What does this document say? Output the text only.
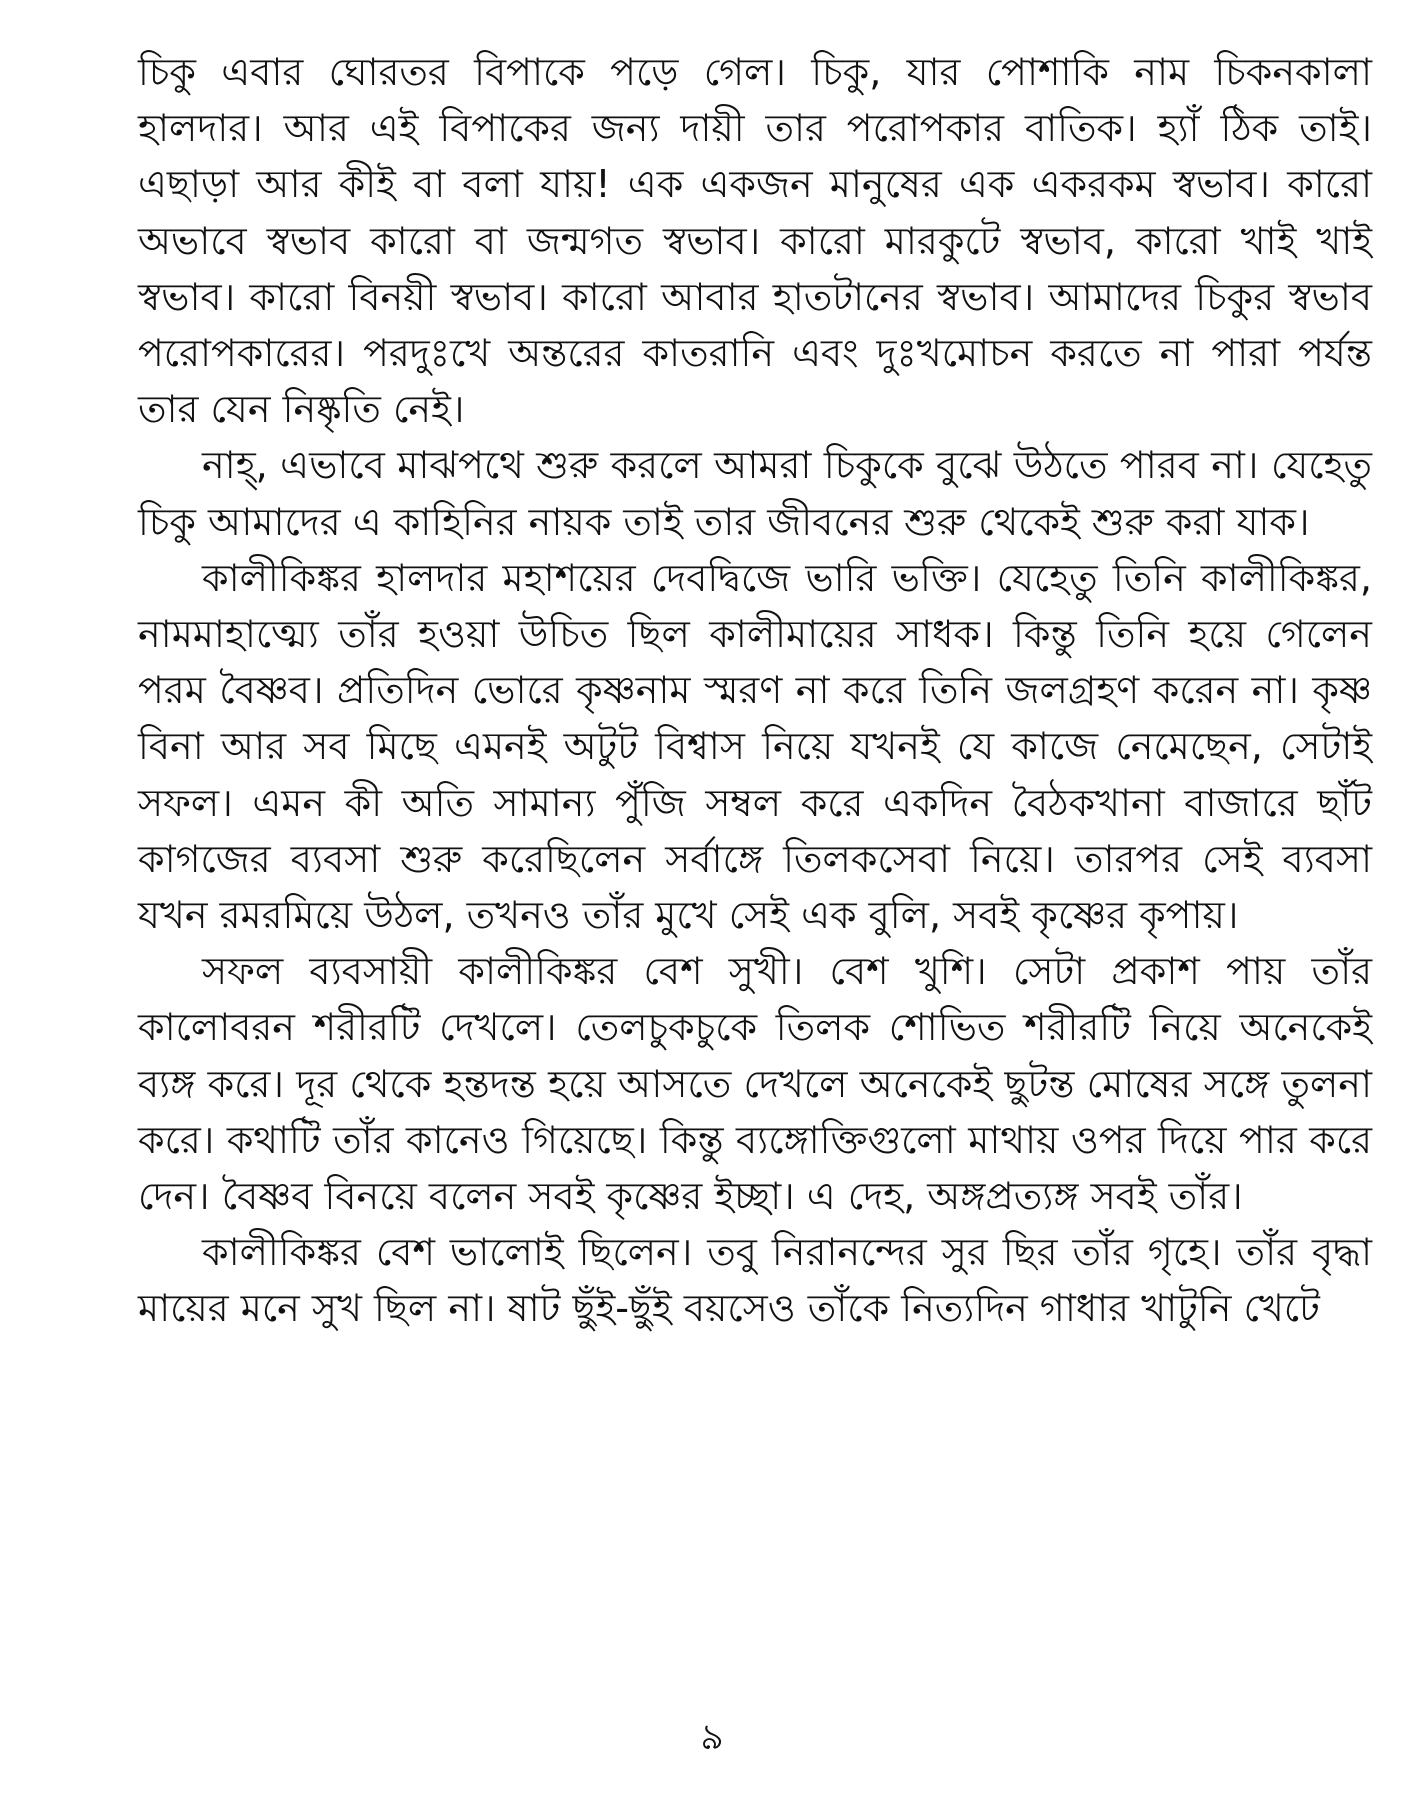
চিকু এবার ঘোরতর বিপাকে পড়ে গেল। চিকু, যার পোশাকি নাম চিকনকালা হালদার। আর এই বিপাকের জন্য দায়ী তার পরোপকার বাতিক। হ্যাঁ ঠিক তাই। এছাড়া আর কীই বা বলা যায়! এক একজন মানুষের এক একরকম স্বভাব। কারো অভাবে স্বভাব কারো বা জন্মগত স্বভাব। কারো মারকুটে স্বভাব, কারো খাই খাই স্বভাব। কারো বিনয়ী স্বভাব। কারো আবার হাতটানের স্বভাব। আমাদের চিকুর স্বভাব পরোপকারের। পরদুঃখে অন্তরের কাতরানি এবং দুঃখমোচন করতে না পারা পর্যন্ত তার যেন নিষ্কৃতি নেই।

নাহ্, এভাবে মাঝপথে শুরু করলে আমরা চিকুকে বুঝে উঠতে পারব না। যেহেতু চিকু আমাদের এ কাহিনির নায়ক তাই তার জীবনের শুরু থেকেই শুরু করা যাক।

কালীকিঙ্কর হালদার মহাশয়ের দেবদ্বিজে ভারি ভক্তি। যেহেতু তিনি কালীকিঙ্কর, নামমাহাত্ম্যে তাঁর হওয়া উচিত ছিল কালীমায়ের সাধক। কিন্তু তিনি হয়ে গেলেন পরম বৈষ্ণব। প্রতিদিন ভোরে কৃষ্ণনাম স্মরণ না করে তিনি জলগ্রহণ করেন না। কৃষ্ণ বিনা আর সব মিছে এমনই অটুট বিশ্বাস নিয়ে যখনই যে কাজে নেমেছেন, সেটাই সফল। এমন কী অতি সামান্য পুঁজি সম্বল করে একদিন বৈঠকখানা বাজারে ছাঁট কাগজের ব্যবসা শুরু করেছিলেন সর্বাঙ্গে তিলকসেবা নিয়ে। তারপর সেই ব্যবসা যখন রমরমিয়ে উঠল, তখনও তাঁর মুখে সেই এক বুলি, সবই কৃষ্ণের কৃপায়।

সফল ব্যবসায়ী কালীকিঙ্কর বেশ সুখী। বেশ খুশি। সেটা প্রকাশ পায় তাঁর কালোবরন শরীরটি দেখলে। তেলচুকচুকে তিলক শোভিত শরীরটি নিয়ে অনেকেই ব্যঙ্গ করে। দূর থেকে হন্তদন্ত হয়ে আসতে দেখলে অনেকেই ছুটন্ত মোষের সঙ্গে তুলনা করে। কথাটি তাঁর কানেও গিয়েছে। কিন্তু ব্যঙ্গোক্তিগুলো মাথায় ওপর দিয়ে পার করে দেন। বৈষ্ণব বিনয়ে বলেন সবই কৃষ্ণের ইচ্ছা। এ দেহ, অঙ্গপ্রত্যঙ্গ সবই তাঁর।

কালীকিঙ্কর বেশ ভালোই ছিলেন। তবু নিরানন্দের সুর ছির তাঁর গৃহে। তাঁর বৃদ্ধা মায়ের মনে সুখ ছিল না। ষাট ছুঁই-ছুঁই বয়সেও তাঁকে নিত্যদিন গাধার খাটুনি খেটে

৯
